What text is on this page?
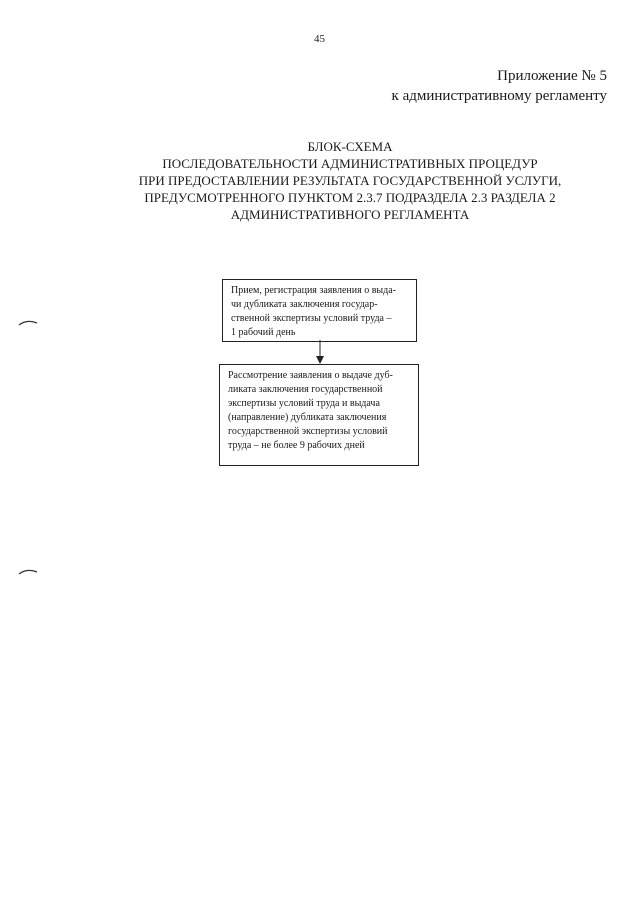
45
Приложение № 5
к административному регламенту
БЛОК-СХЕМА
ПОСЛЕДОВАТЕЛЬНОСТИ АДМИНИСТРАТИВНЫХ ПРОЦЕДУР
ПРИ ПРЕДОСТАВЛЕНИИ РЕЗУЛЬТАТА ГОСУДАРСТВЕННОЙ УСЛУГИ,
ПРЕДУСМОТРЕННОГО ПУНКТОМ 2.3.7 ПОДРАЗДЕЛА 2.3 РАЗДЕЛА 2
АДМИНИСТРАТИВНОГО РЕГЛАМЕНТА
Прием, регистрация заявления о выда-
чи дубликата заключения государ-
ственной экспертизы условий труда –
1 рабочий день
Рассмотрение заявления о выдаче дуб-
ликата заключения государственной
экспертизы условий труда и выдача
(направление) дубликата заключения
государственной экспертизы условий
труда – не более 9 рабочих дней
